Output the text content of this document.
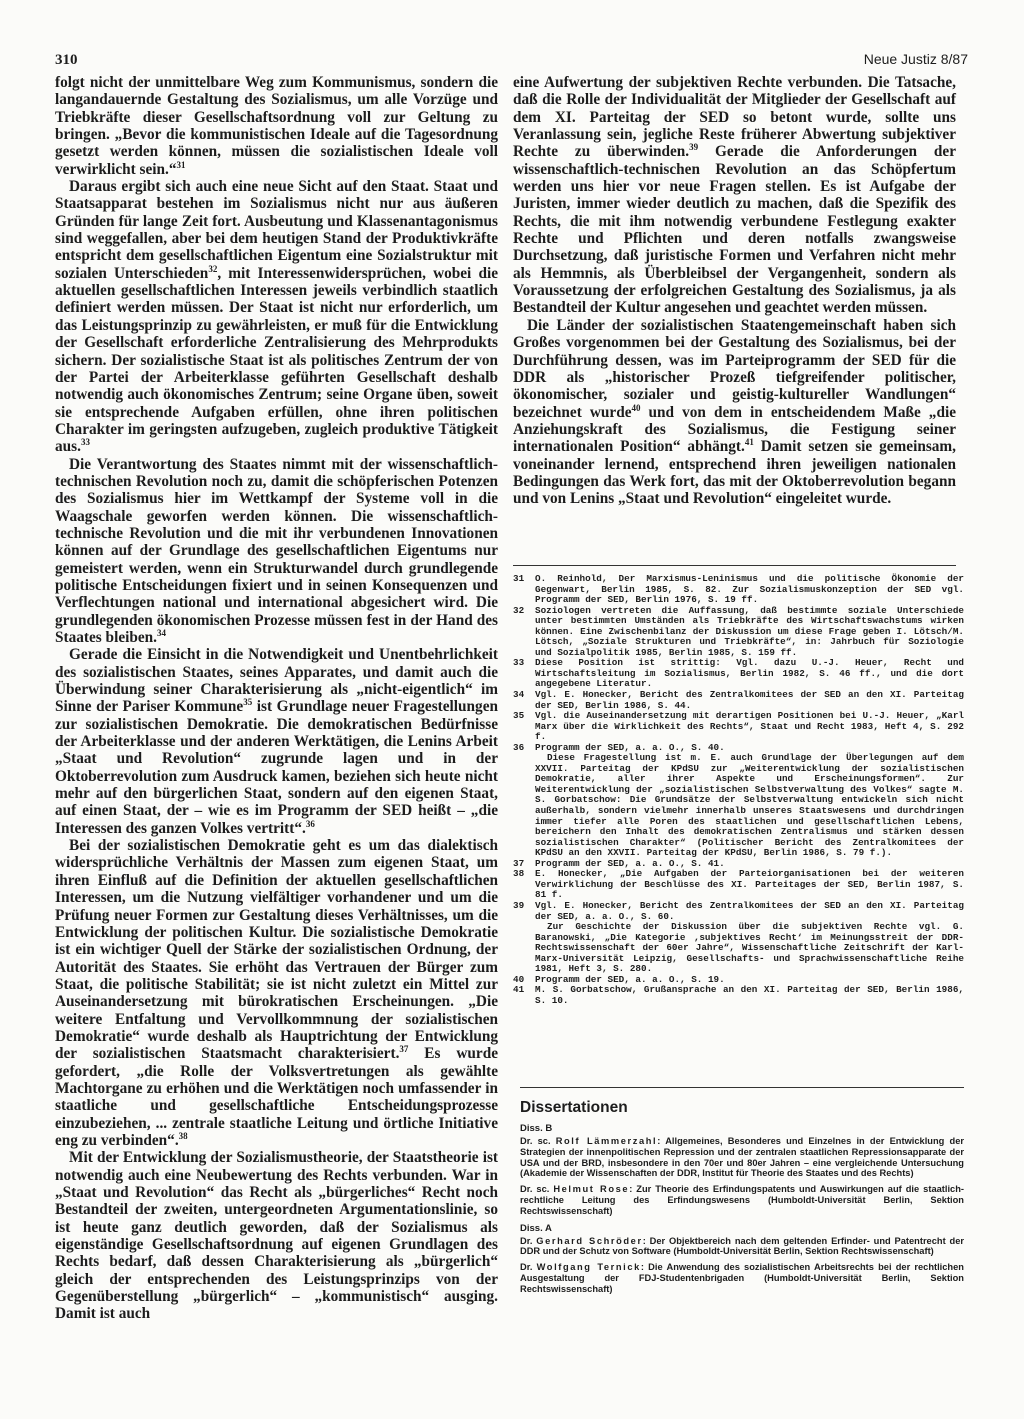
310	Neue Justiz 8/87

folgt nicht der unmittelbare Weg zum Kommunismus, sondern die langandauernde Gestaltung des Sozialismus, um alle Vorzüge und Triebkräfte dieser Gesellschaftsordnung voll zur Geltung zu bringen. „Bevor die kommunistischen Ideale auf die Tagesordnung gesetzt werden können, müssen die sozialistischen Ideale voll verwirklicht sein.“$^{31}$

Daraus ergibt sich auch eine neue Sicht auf den Staat. Staat und Staatsapparat bestehen im Sozialismus nicht nur aus äußeren Gründen für lange Zeit fort. Ausbeutung und Klassenantagonismus sind weggefallen, aber bei dem heutigen Stand der Produktivkräfte entspricht dem gesellschaftlichen Eigentum eine Sozialstruktur mit sozialen Unterschieden$^{32}$, mit Interessenwidersprüchen, wobei die aktuellen gesellschaftlichen Interessen jeweils verbindlich staatlich definiert werden müssen. Der Staat ist nicht nur erforderlich, um das Leistungsprinzip zu gewährleisten, er muß für die Entwicklung der Gesellschaft erforderliche Zentralisierung des Mehrprodukts sichern. Der sozialistische Staat ist als politisches Zentrum der von der Partei der Arbeiterklasse geführten Gesellschaft deshalb notwendig auch ökonomisches Zentrum; seine Organe üben, soweit sie entsprechende Aufgaben erfüllen, ohne ihren politischen Charakter im geringsten aufzugeben, zugleich produktive Tätigkeit aus.$^{33}$

Die Verantwortung des Staates nimmt mit der wissenschaftlich-technischen Revolution noch zu, damit die schöpferischen Potenzen des Sozialismus hier im Wettkampf der Systeme voll in die Waagschale geworfen werden können. Die wissenschaftlich-technische Revolution und die mit ihr verbundenen Innovationen können auf der Grundlage des gesellschaftlichen Eigentums nur gemeistert werden, wenn ein Strukturwandel durch grundlegende politische Entscheidungen fixiert und in seinen Konsequenzen und Verflechtungen national und international abgesichert wird. Die grundlegenden ökonomischen Prozesse müssen fest in der Hand des Staates bleiben.$^{34}$

Gerade die Einsicht in die Notwendigkeit und Unentbehrlichkeit des sozialistischen Staates, seines Apparates, und damit auch die Überwindung seiner Charakterisierung als „nicht-eigentlich“ im Sinne der Pariser Kommune$^{35}$ ist Grundlage neuer Fragestellungen zur sozialistischen Demokratie. Die demokratischen Bedürfnisse der Arbeiterklasse und der anderen Werktätigen, die Lenins Arbeit „Staat und Revolution“ zugrunde lagen und in der Oktoberrevolution zum Ausdruck kamen, beziehen sich heute nicht mehr auf den bürgerlichen Staat, sondern auf den eigenen Staat, auf einen Staat, der – wie es im Programm der SED heißt – „die Interessen des ganzen Volkes vertritt“.$^{36}$

Bei der sozialistischen Demokratie geht es um das dialektisch widersprüchliche Verhältnis der Massen zum eigenen Staat, um ihren Einfluß auf die Definition der aktuellen gesellschaftlichen Interessen, um die Nutzung vielfältiger vorhandener und um die Prüfung neuer Formen zur Gestaltung dieses Verhältnisses, um die Entwicklung der politischen Kultur. Die sozialistische Demokratie ist ein wichtiger Quell der Stärke der sozialistischen Ordnung, der Autorität des Staates. Sie erhöht das Vertrauen der Bürger zum Staat, die politische Stabilität; sie ist nicht zuletzt ein Mittel zur Auseinandersetzung mit bürokratischen Erscheinungen. „Die weitere Entfaltung und Vervollkommnung der sozialistischen Demokratie“ wurde deshalb als Hauptrichtung der Entwicklung der sozialistischen Staatsmacht charakterisiert.$^{37}$ Es wurde gefordert, „die Rolle der Volksvertretungen als gewählte Machtorgane zu erhöhen und die Werktätigen noch umfassender in staatliche und gesellschaftliche Entscheidungsprozesse einzubeziehen, ... zentrale staatliche Leitung und örtliche Initiative eng zu verbinden“.$^{38}$

Mit der Entwicklung der Sozialismustheorie, der Staatstheorie ist notwendig auch eine Neubewertung des Rechts verbunden. War in „Staat und Revolution“ das Recht als „bürgerliches“ Recht noch Bestandteil der zweiten, untergeordneten Argumentationslinie, so ist heute ganz deutlich geworden, daß der Sozialismus als eigenständige Gesellschaftsordnung auf eigenen Grundlagen des Rechts bedarf, daß dessen Charakterisierung als „bürgerlich“ gleich der entsprechenden des Leistungsprinzips von der Gegenüberstellung „bürgerlich“ – „kommunistisch“ ausging. Damit ist auch

eine Aufwertung der subjektiven Rechte verbunden. Die Tatsache, daß die Rolle der Individualität der Mitglieder der Gesellschaft auf dem XI. Parteitag der SED so betont wurde, sollte uns Veranlassung sein, jegliche Reste früherer Abwertung subjektiver Rechte zu überwinden.$^{39}$ Gerade die Anforderungen der wissenschaftlich-technischen Revolution an das Schöpfertum werden uns hier vor neue Fragen stellen. Es ist Aufgabe der Juristen, immer wieder deutlich zu machen, daß die Spezifik des Rechts, die mit ihm notwendig verbundene Festlegung exakter Rechte und Pflichten und deren notfalls zwangsweise Durchsetzung, daß juristische Formen und Verfahren nicht mehr als Hemmnis, als Überbleibsel der Vergangenheit, sondern als Voraussetzung der erfolgreichen Gestaltung des Sozialismus, ja als Bestandteil der Kultur angesehen und geachtet werden müssen.

Die Länder der sozialistischen Staatengemeinschaft haben sich Großes vorgenommen bei der Gestaltung des Sozialismus, bei der Durchführung dessen, was im Parteiprogramm der SED für die DDR als „historischer Prozeß tiefgreifender politischer, ökonomischer, sozialer und geistig-kultureller Wandlungen“ bezeichnet wurde$^{40}$ und von dem in entscheidendem Maße „die Anziehungskraft des Sozialismus, die Festigung seiner internationalen Position“ abhängt.$^{41}$ Damit setzen sie gemeinsam, voneinander lernend, entsprechend ihren jeweiligen nationalen Bedingungen das Werk fort, das mit der Oktoberrevolution begann und von Lenins „Staat und Revolution“ eingeleitet wurde.

31	O. Reinhold, Der Marxismus-Leninismus und die politische Ökonomie der Gegenwart, Berlin 1985, S. 82. Zur Sozialismuskonzeption der SED vgl. Programm der SED, Berlin 1976, S. 19 ff.
32	Soziologen vertreten die Auffassung, daß bestimmte soziale Unterschiede unter bestimmten Umständen als Triebkräfte des Wirtschaftswachstums wirken können. Eine Zwischenbilanz der Diskussion um diese Frage geben I. Lötsch/M. Lötsch, „Soziale Strukturen und Triebkräfte“, in: Jahrbuch für Soziologie und Sozialpolitik 1985, Berlin 1985, S. 159 ff.
33	Diese Position ist strittig: Vgl. dazu U.-J. Heuer, Recht und Wirtschaftsleitung im Sozialismus, Berlin 1982, S. 46 ff., und die dort angegebene Literatur.
34	Vgl. E. Honecker, Bericht des Zentralkomitees der SED an den XI. Parteitag der SED, Berlin 1986, S. 44.
35	Vgl. die Auseinandersetzung mit derartigen Positionen bei U.-J. Heuer, „Karl Marx über die Wirklichkeit des Rechts“, Staat und Recht 1983, Heft 4, S. 292 f.
36	Programm der SED, a. a. O., S. 40.
Diese Fragestellung ist m. E. auch Grundlage der Überlegungen auf dem XXVII. Parteitag der KPdSU zur „Weiterentwicklung der sozialistischen Demokratie, aller ihrer Aspekte und Erscheinungsformen“. Zur Weiterentwicklung der „sozialistischen Selbstverwaltung des Volkes“ sagte M. S. Gorbatschow: Die Grundsätze der Selbstverwaltung entwickeln sich nicht außerhalb, sondern vielmehr innerhalb unseres Staatswesens und durchdringen immer tiefer alle Poren des staatlichen und gesellschaftlichen Lebens, bereichern den Inhalt des demokratischen Zentralismus und stärken dessen sozialistischen Charakter“ (Politischer Bericht des Zentralkomitees der KPdSU an den XXVII. Parteitag der KPdSU, Berlin 1986, S. 79 f.).
37	Programm der SED, a. a. O., S. 41.
38	E. Honecker, „Die Aufgaben der Parteiorganisationen bei der weiteren Verwirklichung der Beschlüsse des XI. Parteitages der SED, Berlin 1987, S. 81 f.
39	Vgl. E. Honecker, Bericht des Zentralkomitees der SED an den XI. Parteitag der SED, a. a. O., S. 60.
Zur Geschichte der Diskussion über die subjektiven Rechte vgl. G. Baranowski, „Die Kategorie ‚subjektives Recht‘ im Meinungsstreit der DDR-Rechtswissenschaft der 60er Jahre“, Wissenschaftliche Zeitschrift der Karl-Marx-Universität Leipzig, Gesellschafts- und Sprachwissenschaftliche Reihe 1981, Heft 3, S. 280.
40	Programm der SED, a. a. O., S. 19.
41	M. S. Gorbatschow, Grußansprache an den XI. Parteitag der SED, Berlin 1986, S. 10.
Dissertationen
Diss. B

Dr. sc. Rolf Lämmerzahl: Allgemeines, Besonderes und Einzelnes in der Entwicklung der Strategien der innenpolitischen Repression und der zentralen staatlichen Repressionsapparate der USA und der BRD, insbesondere in den 70er und 80er Jahren – eine vergleichende Untersuchung (Akademie der Wissenschaften der DDR, Institut für Theorie des Staates und des Rechts)

Dr. sc. Helmut Rose: Zur Theorie des Erfindungspatents und Auswirkungen auf die staatlich-rechtliche Leitung des Erfindungswesens (Humboldt-Universität Berlin, Sektion Rechtswissenschaft)

Diss. A

Dr. Gerhard Schröder: Der Objektbereich nach dem geltenden Erfinder- und Patentrecht der DDR und der Schutz von Software (Humboldt-Universität Berlin, Sektion Rechtswissenschaft)

Dr. Wolfgang Ternick: Die Anwendung des sozialistischen Arbeitsrechts bei der rechtlichen Ausgestaltung der FDJ-Studentenbrigaden (Humboldt-Universität Berlin, Sektion Rechtswissenschaft)
